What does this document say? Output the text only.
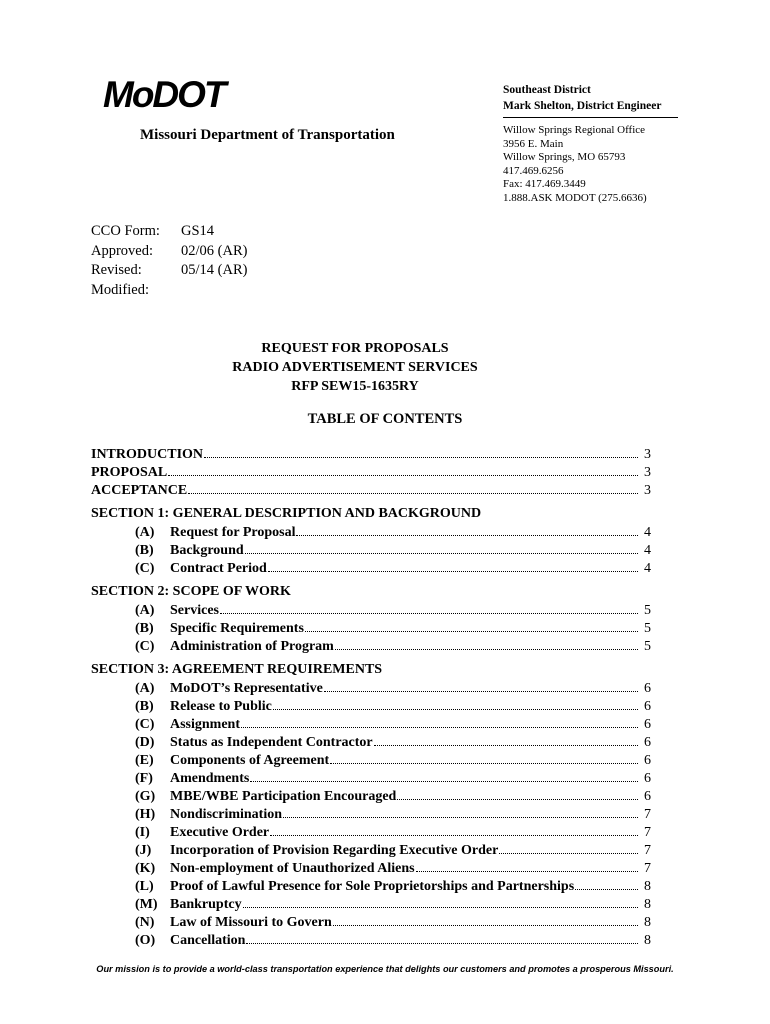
MoDOT	Southeast District
Mark Shelton, District Engineer
Missouri Department of Transportation	Willow Springs Regional Office
3956 E. Main
Willow Springs, MO 65793
417.469.6256
Fax: 417.469.3449
1.888.ASK MODOT (275.6636)
CCO Form:	GS14
Approved:	02/06 (AR)
Revised:	05/14 (AR)
Modified:
REQUEST FOR PROPOSALS
RADIO ADVERTISEMENT SERVICES
RFP SEW15-1635RY
TABLE OF CONTENTS
INTRODUCTION	3
PROPOSAL	3
ACCEPTANCE	3
SECTION 1: GENERAL DESCRIPTION AND BACKGROUND
(A)	Request for Proposal	4
(B)	Background	4
(C)	Contract Period	4
SECTION 2: SCOPE OF WORK
(A)	Services	5
(B)	Specific Requirements	5
(C)	Administration of Program	5
SECTION 3: AGREEMENT REQUIREMENTS
(A)	MoDOT’s Representative	6
(B)	Release to Public	6
(C)	Assignment	6
(D)	Status as Independent Contractor	6
(E)	Components of Agreement	6
(F)	Amendments	6
(G)	MBE/WBE Participation Encouraged	6
(H)	Nondiscrimination	7
(I)	Executive Order	7
(J)	Incorporation of Provision Regarding Executive Order	7
(K)	Non-employment of Unauthorized Aliens	7
(L)	Proof of Lawful Presence for Sole Proprietorships and Partnerships	8
(M) Bankruptcy	8
(N)	Law of Missouri to Govern	8
(O)	Cancellation	8
Our mission is to provide a world-class transportation experience that delights our customers and promotes a prosperous Missouri.
